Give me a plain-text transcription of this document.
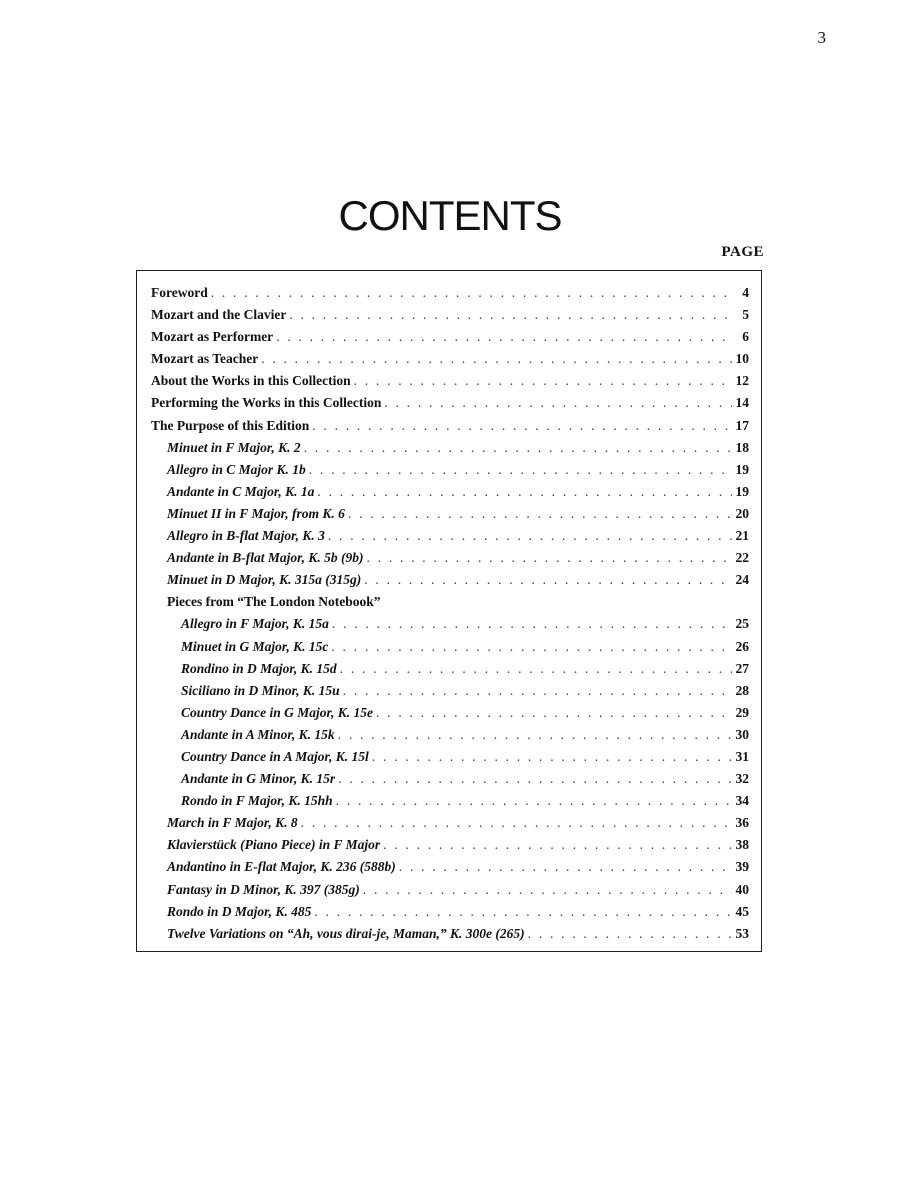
3
CONTENTS
PAGE
Foreword . . .	4
Mozart and the Clavier . . .	5
Mozart as Performer . . .	6
Mozart as Teacher . . .	10
About the Works in this Collection . . .	12
Performing the Works in this Collection . . .	14
The Purpose of this Edition . . .	17
Minuet in F Major, K. 2 . . .	18
Allegro in C Major K. 1b . . .	19
Andante in C Major, K. 1a . . .	19
Minuet II in F Major, from K. 6 . . .	20
Allegro in B-flat Major, K. 3 . . .	21
Andante in B-flat Major, K. 5b (9b) . . .	22
Minuet in D Major, K. 315a (315g) . . .	24
Pieces from “The London Notebook”
Allegro in F Major, K. 15a . . .	25
Minuet in G Major, K. 15c . . .	26
Rondino in D Major, K. 15d . . .	27
Siciliano in D Minor, K. 15u . . .	28
Country Dance in G Major, K. 15e . . .	29
Andante in A Minor, K. 15k . . .	30
Country Dance in A Major, K. 15l . . .	31
Andante in G Minor, K. 15r . . .	32
Rondo in F Major, K. 15hh . . .	34
March in F Major, K. 8 . . .	36
Klavierstück (Piano Piece) in F Major . . .	38
Andantino in E-flat Major, K. 236 (588b) . . .	39
Fantasy in D Minor, K. 397 (385g) . . .	40
Rondo in D Major, K. 485 . . .	45
Twelve Variations on “Ah, vous dirai-je, Maman,” K. 300e (265) . . .	53
